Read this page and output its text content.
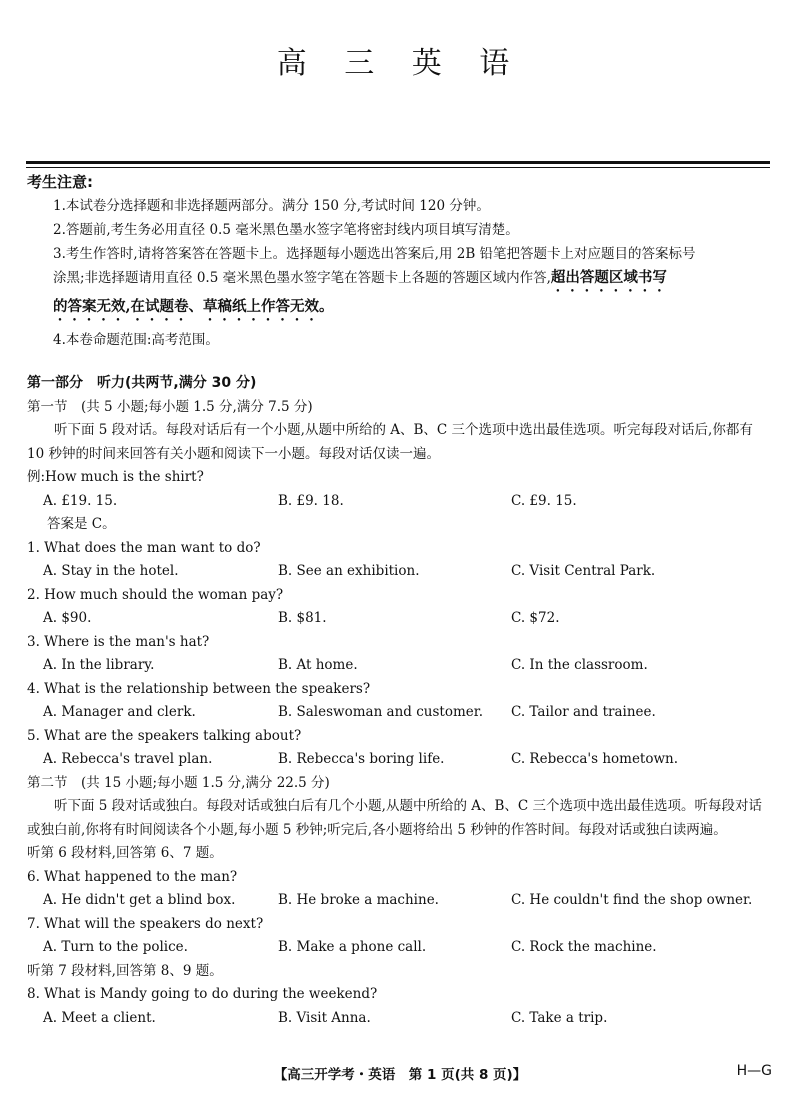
高 三 英 语
考生注意:

1.本试卷分选择题和非选择题两部分。满分 150 分,考试时间 120 分钟。

2.答题前,考生务必用直径 0.5 毫米黑色墨水签字笔将密封线内项目填写清楚。

3.考生作答时,请将答案答在答题卡上。选择题每小题选出答案后,用 2B 铅笔把答题卡上对应题目的答案标号

涂黑;非选择题请用直径 0.5 毫米黑色墨水签字笔在答题卡上各题的答题区域内作答,超出答题区域书写

的答案无效,在试题卷、草稿纸上作答无效。

4.本卷命题范围:高考范围。

第一部分　听力(共两节,满分 30 分)

第一节　(共 5 小题;每小题 1.5 分,满分 7.5 分)

听下面 5 段对话。每段对话后有一个小题,从题中所给的 A、B、C 三个选项中选出最佳选项。听完每段对话后,你都有 10 秒钟的时间来回答有关小题和阅读下一小题。每段对话仅读一遍。

例:How much is the shirt?

A. £19. 15.	B. £9. 18.	C. £9. 15.

答案是 C。

1. What does the man want to do?

A. Stay in the hotel.	B. See an exhibition.	C. Visit Central Park.

2. How much should the woman pay?

A. $90.	B. $81.	C. $72.

3. Where is the man's hat?

A. In the library.	B. At home.	C. In the classroom.

4. What is the relationship between the speakers?

A. Manager and clerk.	B. Saleswoman and customer.	C. Tailor and trainee.

5. What are the speakers talking about?

A. Rebecca's travel plan.	B. Rebecca's boring life.	C. Rebecca's hometown.

第二节　(共 15 小题;每小题 1.5 分,满分 22.5 分)

听下面 5 段对话或独白。每段对话或独白后有几个小题,从题中所给的 A、B、C 三个选项中选出最佳选项。听每段对话或独白前,你将有时间阅读各个小题,每小题 5 秒钟;听完后,各小题将给出 5 秒钟的作答时间。每段对话或独白读两遍。

听第 6 段材料,回答第 6、7 题。

6. What happened to the man?

A. He didn't get a blind box.	B. He broke a machine.	C. He couldn't find the shop owner.

7. What will the speakers do next?

A. Turn to the police.	B. Make a phone call.	C. Rock the machine.

听第 7 段材料,回答第 8、9 题。

8. What is Mandy going to do during the weekend?

A. Meet a client.	B. Visit Anna.	C. Take a trip.
【高三开学考・英语　第 1 页(共 8 页)】	H—G
